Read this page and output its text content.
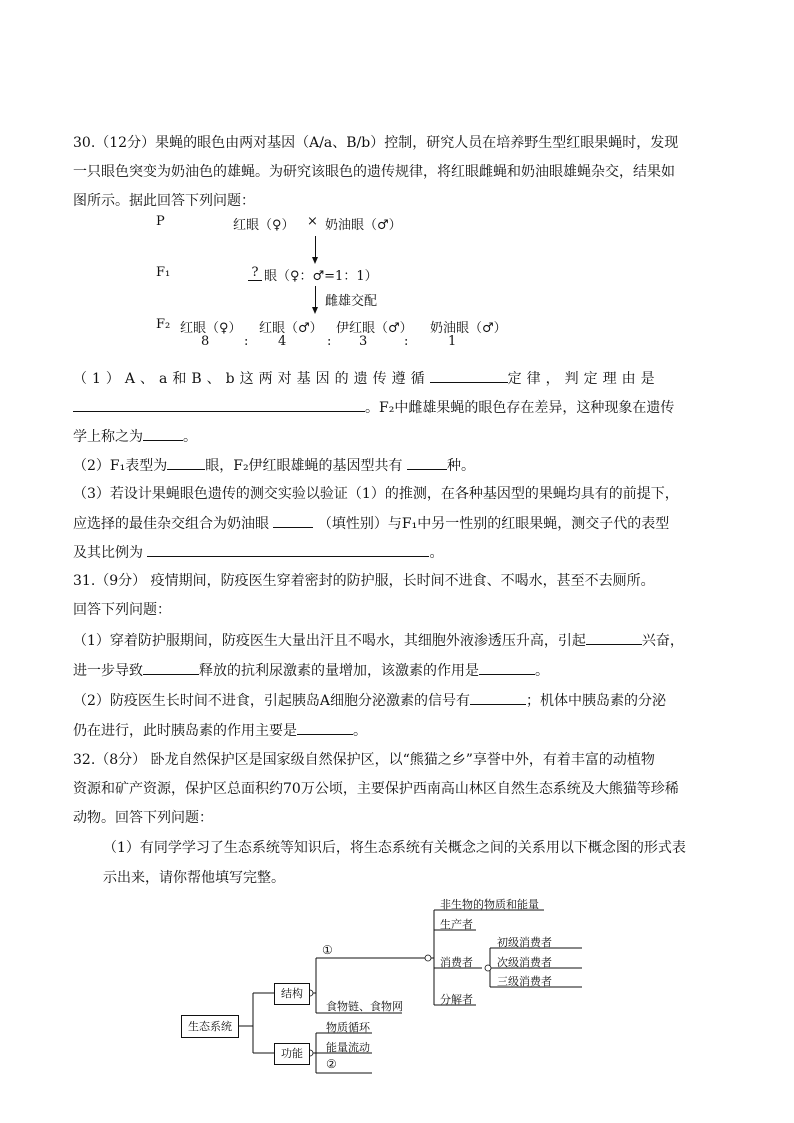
30.（12分）果蝇的眼色由两对基因（A/a、B/b）控制，研究人员在培养野生型红眼果蝇时，发现
一只眼色突变为奶油色的雄蝇。为研究该眼色的遗传规律，将红眼雌蝇和奶油眼雄蝇杂交，结果如
图所示。据此回答下列问题：
P	红眼（♀） × 奶油眼（♂）
F₁	? 眼（♀：♂=1：1）
雌雄交配
F₂ 红眼（♀） 红眼（♂） 伊红眼（♂） 奶油眼（♂）
8	: 4	: 3	:	1
（1）A、a和B、b这两对基因的遗传遵循	定律，判定理由是
。F₂中雌雄果蝇的眼色存在差异，这种现象在遗传
学上称之为	。
（2）F₁表型为	眼，F₂伊红眼雄蝇的基因型共有	种。
（3）若设计果蝇眼色遗传的测交实验以验证（1）的推测，在各种基因型的果蝇均具有的前提下，
应选择的最佳杂交组合为奶油眼	（填性别）与F₁中另一性别的红眼果蝇，测交子代的表型
及其比例为	。
31.（9分） 疫情期间，防疫医生穿着密封的防护服，长时间不进食、不喝水，甚至不去厕所。
回答下列问题：
（1）穿着防护服期间，防疫医生大量出汗且不喝水，其细胞外液渗透压升高，引起	兴奋，
进一步导致	释放的抗利尿激素的量增加，该激素的作用是	。
（2）防疫医生长时间不进食，引起胰岛A细胞分泌激素的信号有	；机体中胰岛素的分泌
仍在进行，此时胰岛素的作用主要是	。
32.（8分） 卧龙自然保护区是国家级自然保护区，以“熊猫之乡”享誉中外，有着丰富的动植物
资源和矿产资源，保护区总面积约70万公顷，主要保护西南高山林区自然生态系统及大熊猫等珍稀
动物。回答下列问题：
（1）有同学学习了生态系统等知识后，将生态系统有关概念之间的关系用以下概念图的形式表
示出来，请你帮他填写完整。
生态系统
结构
功能
①
食物链、食物网
非生物的物质和能量
生产者
消费者
分解者
初级消费者
次级消费者
三级消费者
物质循环
能量流动
②
